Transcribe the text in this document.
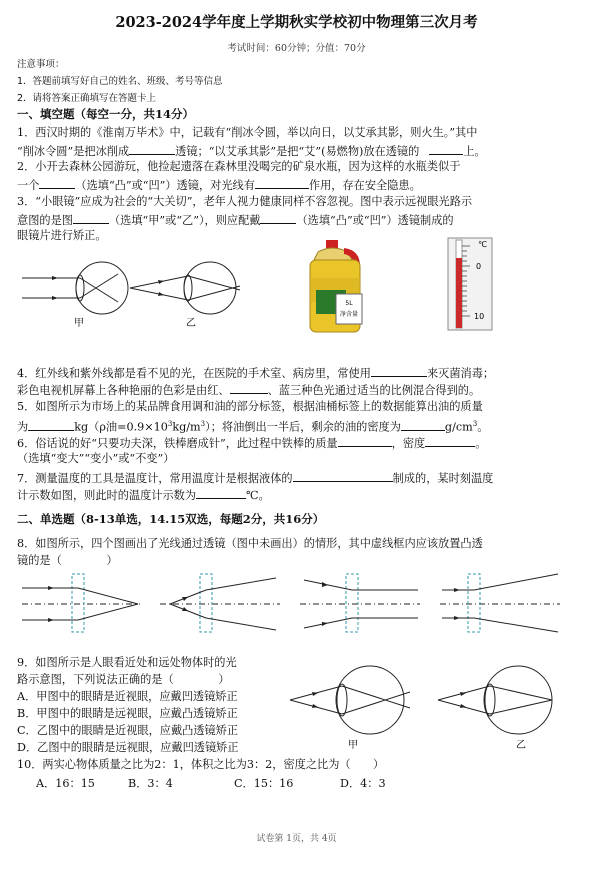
2023-2024学年度上学期秋实学校初中物理第三次月考
考试时间：60分钟；分值：70分
注意事项：
1．答题前填写好自己的姓名、班级、考号等信息
2．请将答案正确填写在答题卡上
一、填空题（每空一分，共14分）
1．西汉时期的《淮南万毕术》中，记载有“削冰令圆，举以向日，以艾承其影，则火生。”其中
“削冰令圆”是把冰削成	透镜；“以艾承其影”是把“艾”(易燃物)放在透镜的	上。
2．小开去森林公园游玩，他捡起遗落在森林里没喝完的矿泉水瓶，因为这样的水瓶类似于
一个	（选填“凸”或“凹”）透镜，对光线有	作用，存在安全隐患。
3．“小眼镜”应成为社会的“大关切”，老年人视力健康同样不容忽视。图中表示远视眼光路示
意图的是图	（选填“甲”或“乙”），则应配戴	（选填“凸”或“凹”）透镜制成的
眼镜片进行矫正。
甲	乙
5L
净含量
℃
0
10
4．红外线和紫外线都是看不见的光，在医院的手术室、病房里，常使用	来灭菌消毒；
彩色电视机屏幕上各种艳丽的色彩是由红、	、蓝三种色光通过适当的比例混合得到的。
5．如图所示为市场上的某品牌食用调和油的部分标签，根据油桶标签上的数据能算出油的质量
为	kg（ρ油$=0.9\times 10^3kg/m^3$）；将油倒出一半后，剩余的油的密度为	$g/cm^3$。
6．俗话说的好“只要功夫深，铁棒磨成针”，此过程中铁棒的质量	，密度	。
（选填“变大”“变小”或“不变”）
7．测量温度的工具是温度计，常用温度计是根据液体的	制成的，某时刻温度
计示数如图，则此时的温度计示数为	℃。
二、单选题（8-13单选，14.15双选，每题2分，共16分）
8．如图所示，四个图画出了光线通过透镜（图中未画出）的情形，其中虚线框内应该放置凸透
镜的是（　　　　）
9．如图所示是人眼看近处和远处物体时的光
路示意图，下列说法正确的是（　　　　）
A．甲图中的眼睛是近视眼，应戴凹透镜矫正
B．甲图中的眼睛是远视眼，应戴凸透镜矫正
C．乙图中的眼睛是近视眼，应戴凸透镜矫正
D．乙图中的眼睛是远视眼，应戴凹透镜矫正	甲	乙
10．两实心物体质量之比为2：1，体积之比为3：2，密度之比为（　　）
A．16：15	B．3：4	C．15：16	D．4：3
试卷第 1页，共 4页
